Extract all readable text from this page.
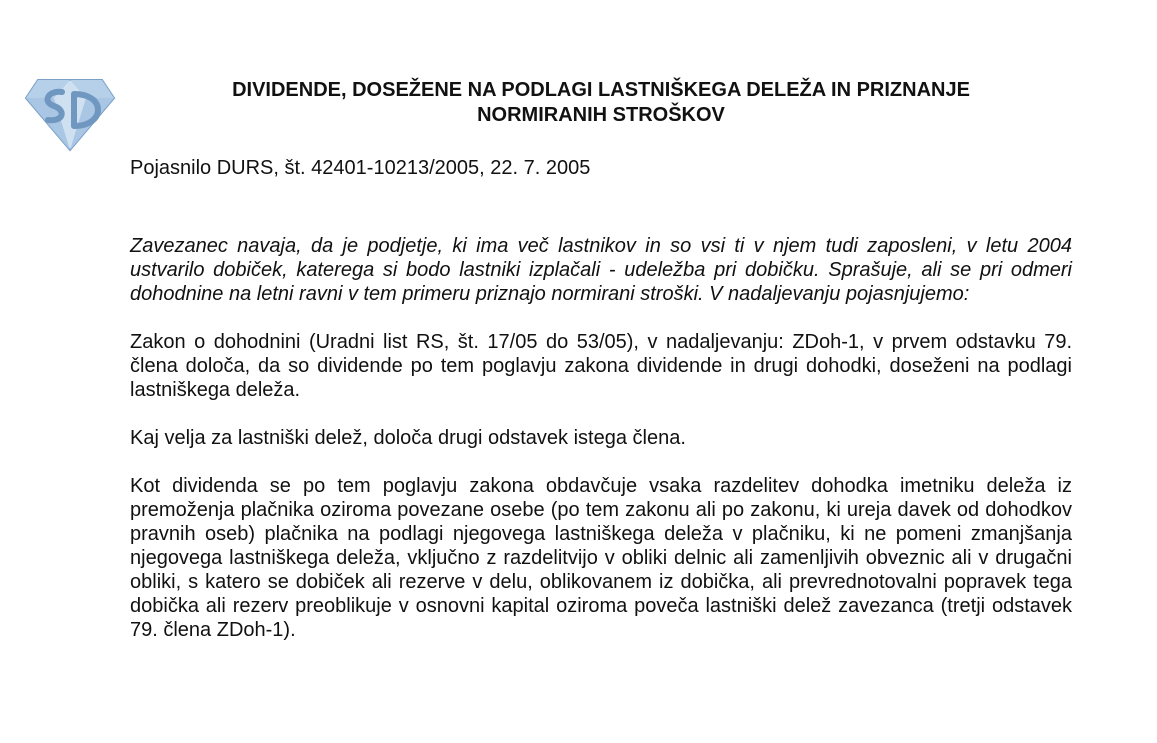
DIVIDENDE, DOSEŽENE NA PODLAGI LASTNIŠKEGA DELEŽA IN PRIZNANJE
NORMIRANIH STROŠKOV

Pojasnilo DURS, št. 42401-10213/2005, 22. 7. 2005

Zavezanec navaja, da je podjetje, ki ima več lastnikov in so vsi ti v njem tudi zaposleni, v letu 2004 ustvarilo dobiček, katerega si bodo lastniki izplačali - udeležba pri dobičku. Sprašuje, ali se pri odmeri dohodnine na letni ravni v tem primeru priznajo normirani stroški. V nadaljevanju pojasnjujemo:

Zakon o dohodnini (Uradni list RS, št. 17/05 do 53/05), v nadaljevanju: ZDoh-1, v prvem odstavku 79. člena določa, da so dividende po tem poglavju zakona dividende in drugi dohodki, doseženi na podlagi lastniškega deleža.

Kaj velja za lastniški delež, določa drugi odstavek istega člena.

Kot dividenda se po tem poglavju zakona obdavčuje vsaka razdelitev dohodka imetniku deleža iz premoženja plačnika oziroma povezane osebe (po tem zakonu ali po zakonu, ki ureja davek od dohodkov pravnih oseb) plačnika na podlagi njegovega lastniškega deleža v plačniku, ki ne pomeni zmanjšanja njegovega lastniškega deleža, vključno z razdelitvijo v obliki delnic ali zamenljivih obveznic ali v drugačni obliki, s katero se dobiček ali rezerve v delu, oblikovanem iz dobička, ali prevrednotovalni popravek tega dobička ali rezerv preoblikuje v osnovni kapital oziroma poveča lastniški delež zavezanca (tretji odstavek 79. člena ZDoh-1).
